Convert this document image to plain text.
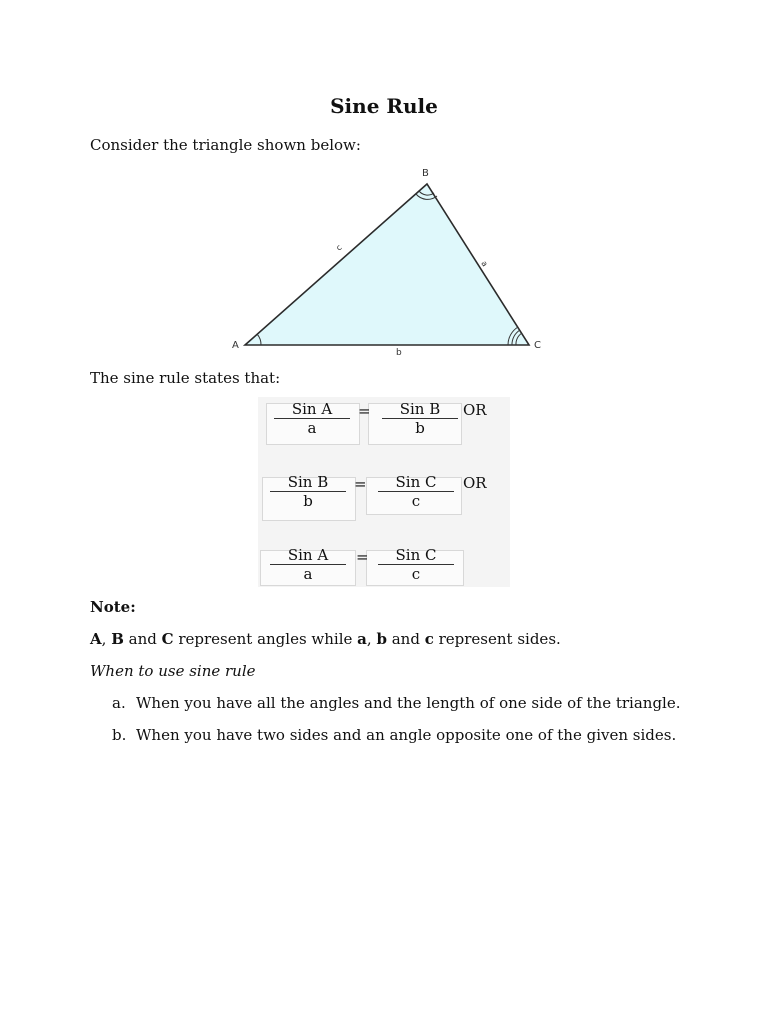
Sine Rule
Consider the triangle shown below:
A
B
C
b
c
a
The sine rule states that:
Sin A
a
=	Sin B
b
OR
Sin B
b
=	Sin C
c
OR
Sin A
a
=	Sin C
c
Note:
A, B and C represent angles while a, b and c represent sides.
When to use sine rule
a. When you have all the angles and the length of one side of the triangle.
b. When you have two sides and an angle opposite one of the given sides.
